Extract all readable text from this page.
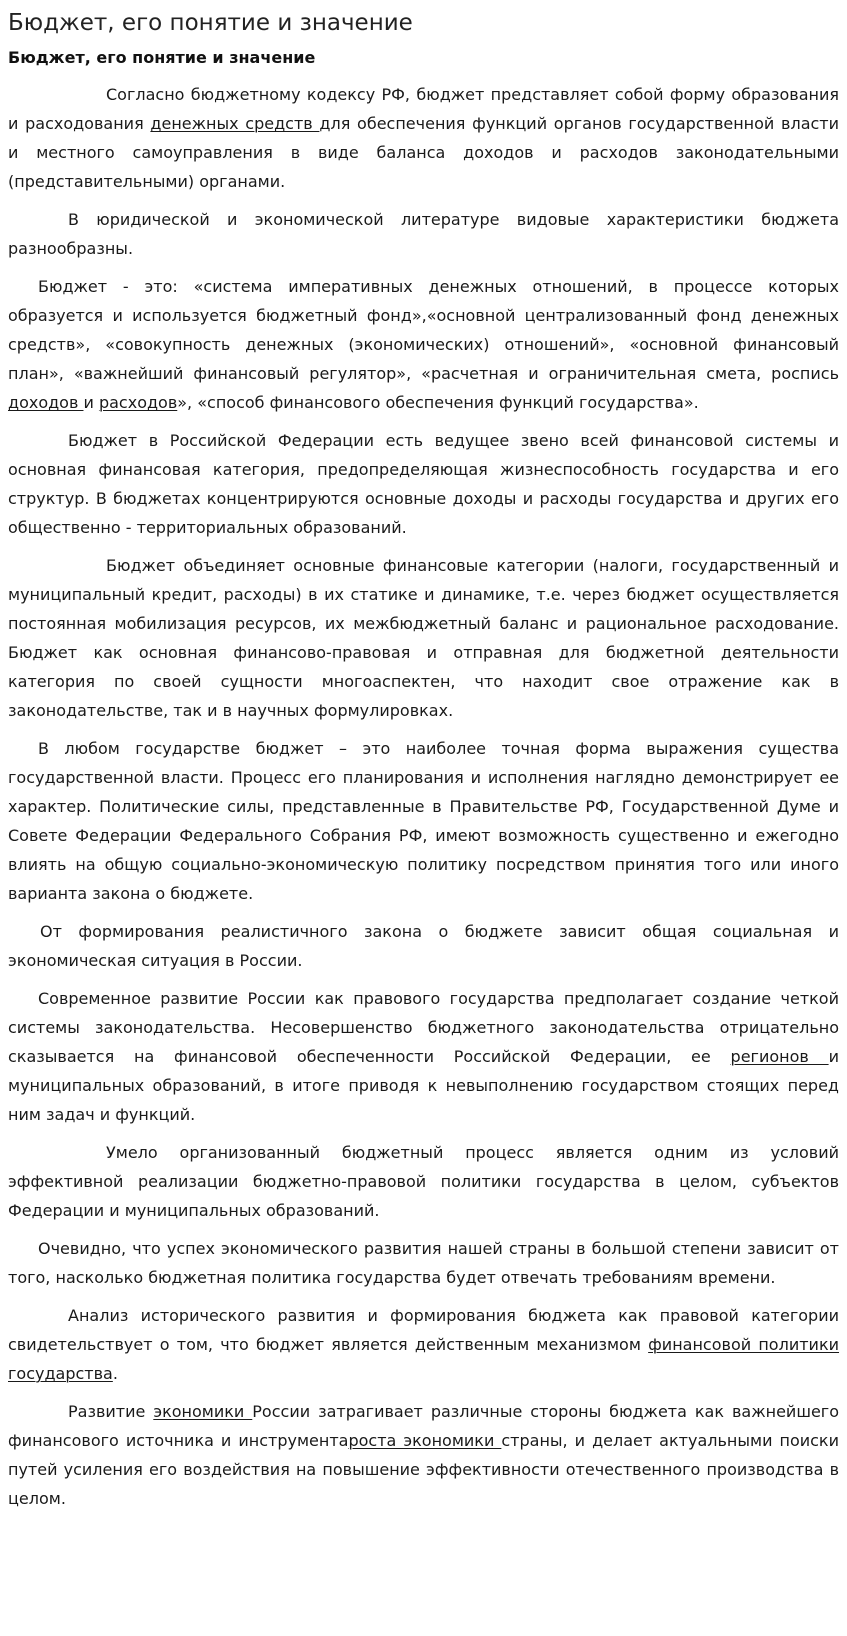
Бюджет, его понятие и значение
Бюджет, его понятие и значение

Согласно бюджетному кодексу РФ, бюджет представляет собой форму образования и расходования денежных средств для обеспечения функций органов государственной власти и местного самоуправления в виде баланса доходов и расходов законодательными (представительными) органами.

В юридической и экономической литературе видовые характеристики бюджета разнообразны.

Бюджет - это: «система императивных денежных отношений, в процессе которых образуется и используется бюджетный фонд»,«основной централизованный фонд денежных средств», «совокупность денежных (экономических) отношений», «основной финансовый план», «важнейший финансовый регулятор», «расчетная и ограничительная смета, роспись доходов и расходов», «способ финансового обеспечения функций государства».

Бюджет в Российской Федерации есть ведущее звено всей финансовой системы и основная финансовая категория, предопределяющая жизнеспособность государства и его структур. В бюджетах концентрируются основные доходы и расходы государства и других его общественно - территориальных образований.

Бюджет объединяет основные финансовые категории (налоги, государственный и муниципальный кредит, расходы) в их статике и динамике, т.е. через бюджет осуществляется постоянная мобилизация ресурсов, их межбюджетный баланс и рациональное расходование. Бюджет как основная финансово-правовая и отправная для бюджетной деятельности категория по своей сущности многоаспектен, что находит свое отражение как в законодательстве, так и в научных формулировках.

В любом государстве бюджет – это наиболее точная форма выражения существа государственной власти. Процесс его планирования и исполнения наглядно демонстрирует ее характер. Политические силы, представленные в Правительстве РФ, Государственной Думе и Совете Федерации Федерального Собрания РФ, имеют возможность существенно и ежегодно влиять на общую социально-экономическую политику посредством принятия того или иного варианта закона о бюджете.

От формирования реалистичного закона о бюджете зависит общая социальная и экономическая ситуация в России.

Современное развитие России как правового государства предполагает создание четкой системы законодательства. Несовершенство бюджетного законодательства отрицательно сказывается на финансовой обеспеченности Российской Федерации, ее регионов и муниципальных образований, в итоге приводя к невыполнению государством стоящих перед ним задач и функций.

Умело организованный бюджетный процесс является одним из условий эффективной реализации бюджетно-правовой политики государства в целом, субъектов Федерации и муниципальных образований.

Очевидно, что успех экономического развития нашей страны в большой степени зависит от того, насколько бюджетная политика государства будет отвечать требованиям времени.

Анализ исторического развития и формирования бюджета как правовой категории свидетельствует о том, что бюджет является действенным механизмом финансовой политики государства.

Развитие экономики России затрагивает различные стороны бюджета как важнейшего финансового источника и инструментароста экономики страны, и делает актуальными поиски путей усиления его воздействия на повышение эффективности отечественного производства в целом.
